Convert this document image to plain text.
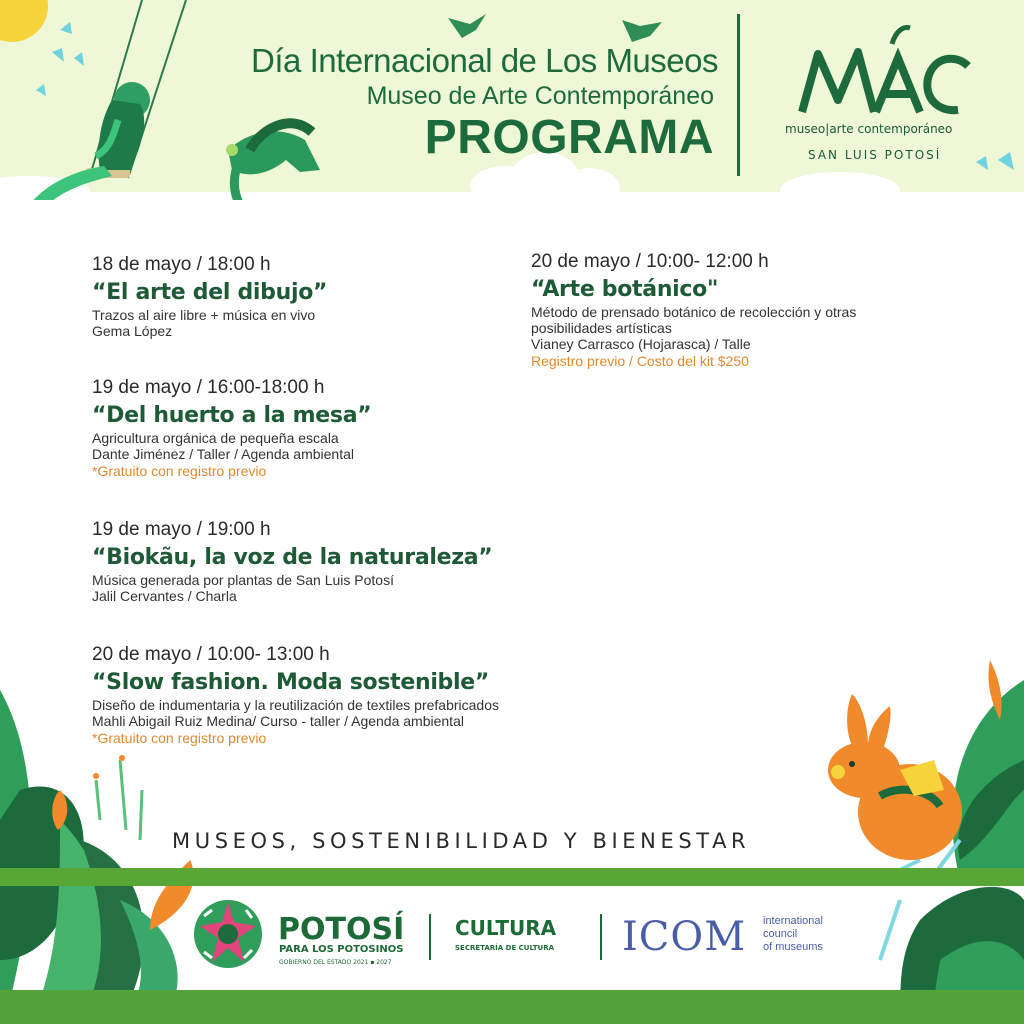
Día Internacional de Los Museos
Museo de Arte Contemporáneo
PROGRAMA	museo|arte contemporáneo
SAN LUIS POTOSÍ
18 de mayo / 18:00 h
“El arte del dibujo”
Trazos al aire libre + música en vivo
Gema López
19 de mayo / 16:00-18:00 h
“Del huerto a la mesa”
Agricultura orgánica de pequeña escala
Dante Jiménez / Taller / Agenda ambiental
*Gratuito con registro previo
19 de mayo / 19:00 h
“Biokãu, la voz de la naturaleza”
Música generada por plantas de San Luis Potosí
Jalil Cervantes / Charla
20 de mayo / 10:00- 13:00 h
“Slow fashion. Moda sostenible”
Diseño de indumentaria y la reutilización de textiles prefabricados
Mahli Abigail Ruiz Medina/ Curso - taller / Agenda ambiental
*Gratuito con registro previo
20 de mayo / 10:00- 12:00 h
“Arte botánico"
Método de prensado botánico de recolección y otras
posibilidades artísticas
Vianey Carrasco (Hojarasca) / Talle
Registro previo / Costo del kit $250
MUSEOS, SOSTENIBILIDAD Y BIENESTAR
POTOSÍ
PARA LOS POTOSINOS
GOBIERNO DEL ESTADO 2021 ▪ 2027
CULTURA
SECRETARÍA DE CULTURA ICOM international
council
of museums
